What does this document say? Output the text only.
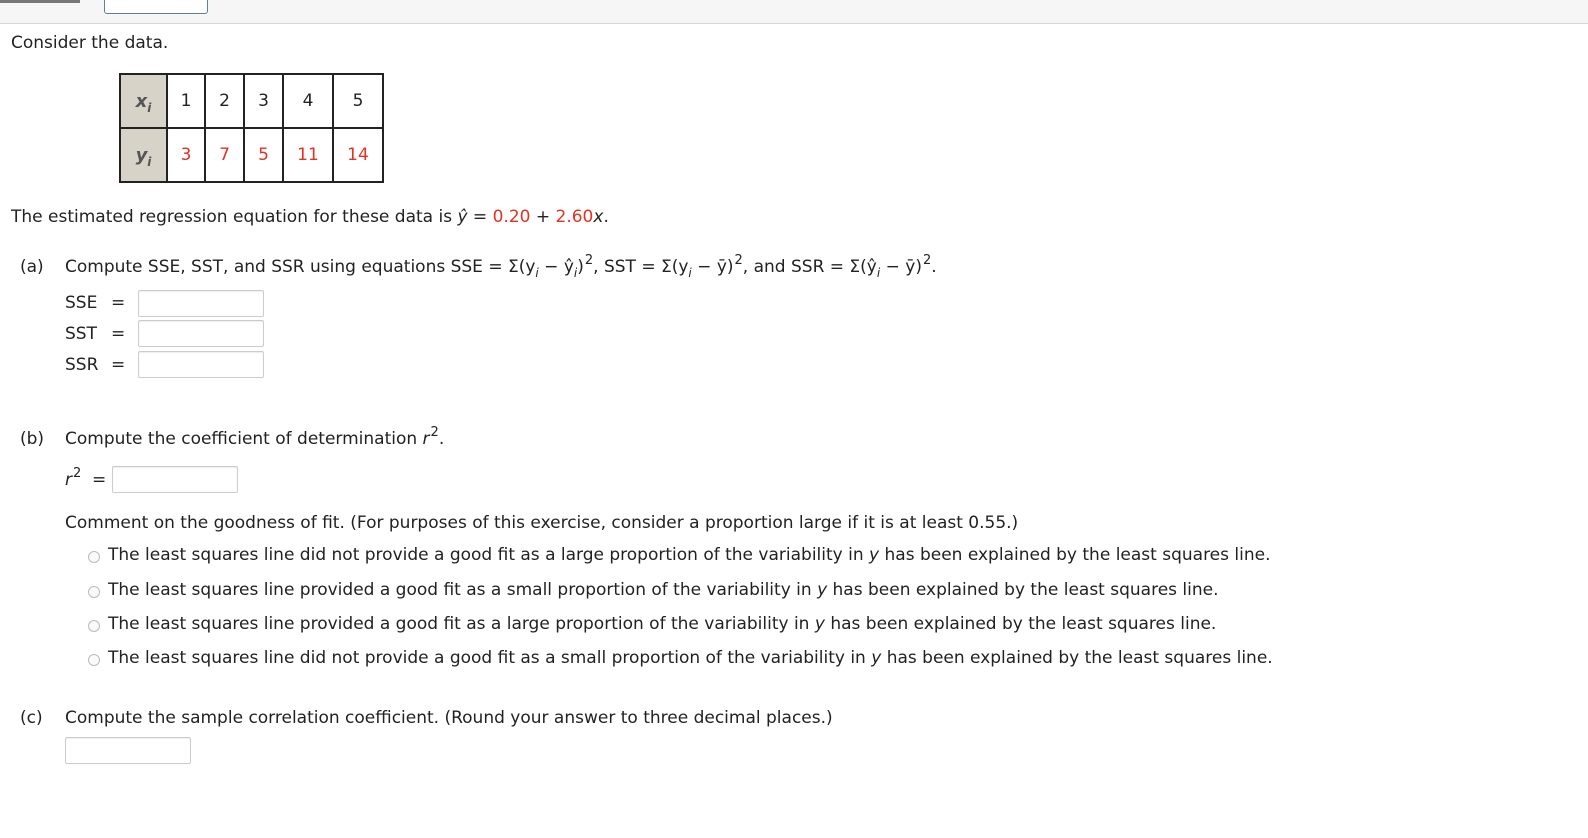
Consider the data.
$x_i$	1	2	3	4	5
$y_i$	3	7	5	11	14
The estimated regression equation for these data is ŷ = 0.20 + 2.60x.
(a) Compute SSE, SST, and SSR using equations SSE = $\Sigma(y_i$ − $ŷ_i)^2$, SST = $\Sigma(y_i$ − ȳ)$^2$, and SSR = $\Sigma(ŷ_i$ − ȳ)$^2$.
SSE =
SST =
SSR =
(b) Compute the coefficient of determination $r^2$.
$r^2$ =
Comment on the goodness of fit. (For purposes of this exercise, consider a proportion large if it is at least 0.55.)
The least squares line did not provide a good fit as a large proportion of the variability in y has been explained by the least squares line.
The least squares line provided a good fit as a small proportion of the variability in y has been explained by the least squares line.
The least squares line provided a good fit as a large proportion of the variability in y has been explained by the least squares line.
The least squares line did not provide a good fit as a small proportion of the variability in y has been explained by the least squares line.
(c) Compute the sample correlation coefficient. (Round your answer to three decimal places.)
